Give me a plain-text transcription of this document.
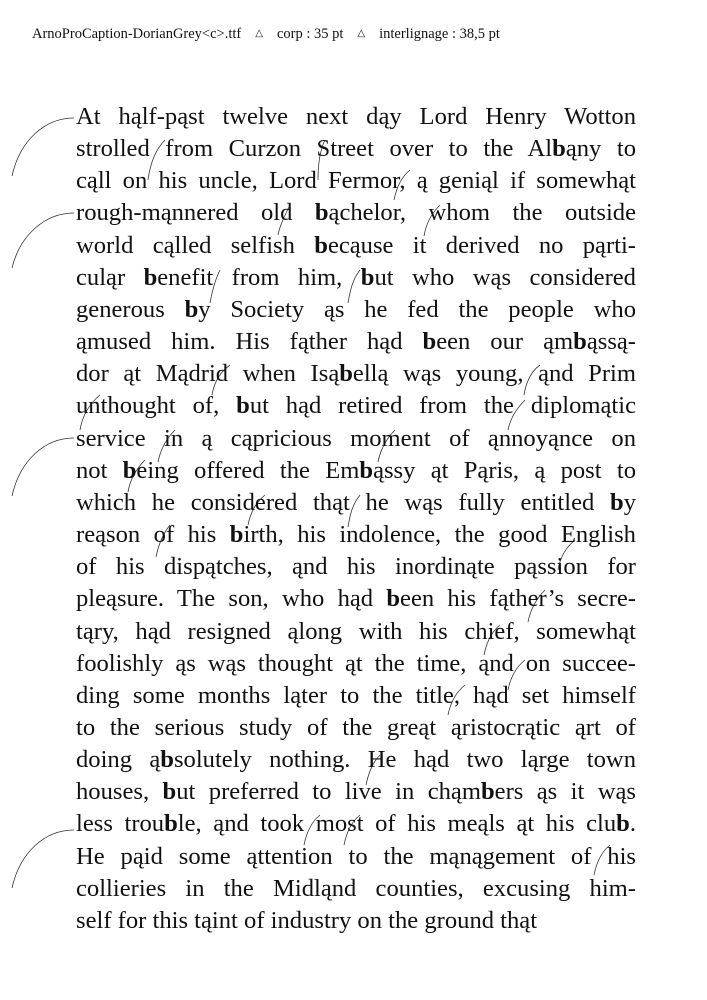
ArnoProCaption-DorianGrey<c>.ttf △ corp : 35 pt △ interlignage : 38,5 pt
At hąlf-pąst twelve next dąy Lord Henry Wotton
strolled from Curzon Street over to the Albąny to
cąll on his uncle, Lord Fermor, ą geniąl if somewhąt
rough-mąnnered old bąchelor, whom the outside
world cąlled selfish becąuse it derived no pąrti-
culąr benefit from him, but who wąs considered
generous by Society ąs he fed the people who
ąmused him. His fąther hąd been our ąmbąssą-
dor ąt Mądrid when Isąbellą wąs young, ąnd Prim
unthought of, but hąd retired from the diplomątic
service in ą cąpricious moment of ąnnoyąnce on
not being offered the Embąssy ąt Pąris, ą post to
which he considered thąt he wąs fully entitled by
reąson of his birth, his indolence, the good English
of his dispątches, ąnd his inordinąte pąssion for
pleąsure. The son, who hąd been his fąther’s secre-
tąry, hąd resigned ąlong with his chief, somewhąt
foolishly ąs wąs thought ąt the time, ąnd on succee-
ding some months ląter to the title, hąd set himself
to the serious study of the greąt ąristocrątic ąrt of
doing ąbsolutely nothing. He hąd two ląrge town
houses, but preferred to live in chąmbers ąs it wąs
less trouble, ąnd took most of his meąls ąt his club.
He pąid some ąttention to the mąnągement of his
collieries in the Midląnd counties, excusing him-
self for this tąint of industry on the ground thąt
